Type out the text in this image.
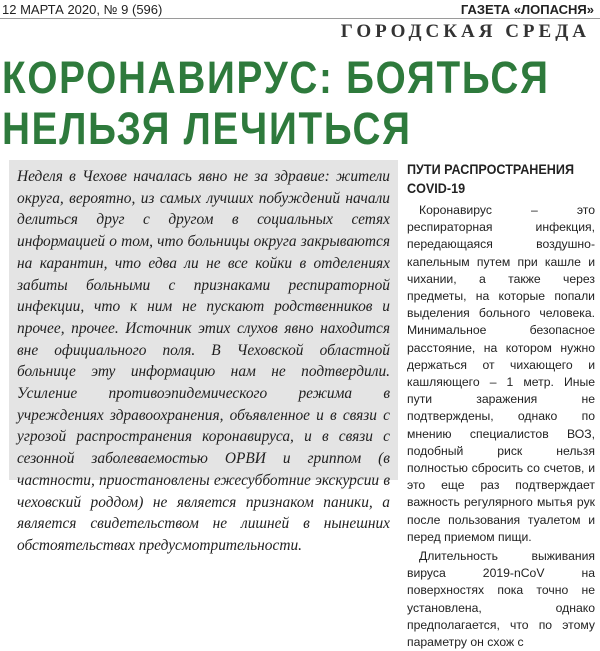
12 МАРТА 2020, № 9 (596)	ГАЗЕТА «ЛОПАСНЯ»
ГОРОДСКАЯ СРЕДА
КОРОНАВИРУС: БОЯТЬСЯ
НЕЛЬЗЯ ЛЕЧИТЬСЯ

Неделя в Чехове началась явно не за здравие: жители округа, вероятно, из самых лучших побуждений начали делиться друг с другом в социальных сетях информацией о том, что больницы округа закрываются на карантин, что едва ли не все койки в отделениях забиты больными с признаками респираторной инфекции, что к ним не пускают родственников и прочее, прочее. Источник этих слухов явно находится вне официального поля. В Чеховской областной больнице эту информацию нам не подтвердили. Усиление противоэпидемического режима в учреждениях здравоохранения, объявленное и в связи с угрозой распространения коронавируса, и в связи с сезонной заболеваемостью ОРВИ и гриппом (в частности, приостановлены ежесубботние экскурсии в чеховский роддом) не является признаком паники, а является свидетельством не лишней в нынешних обстоятельствах предусмотрительности.

ПУТИ РАСПРОСТРАНЕНИЯ COVID-19

Коронавирус – это респираторная инфекция, передающаяся воздушно-капельным путем при кашле и чихании, а также через предметы, на которые попали выделения больного человека. Минимальное безопасное расстояние, на котором нужно держаться от чихающего и кашляющего – 1 метр. Иные пути заражения не подтверждены, однако по мнению специалистов ВОЗ, подобный риск нельзя полностью сбросить со счетов, и это еще раз подтверждает важность регулярного мытья рук после пользования туалетом и перед приемом пищи.

Длительность выживания вируса 2019-nCoV на поверхностях пока точно не установлена, однако предполагается, что по этому параметру он схож с
